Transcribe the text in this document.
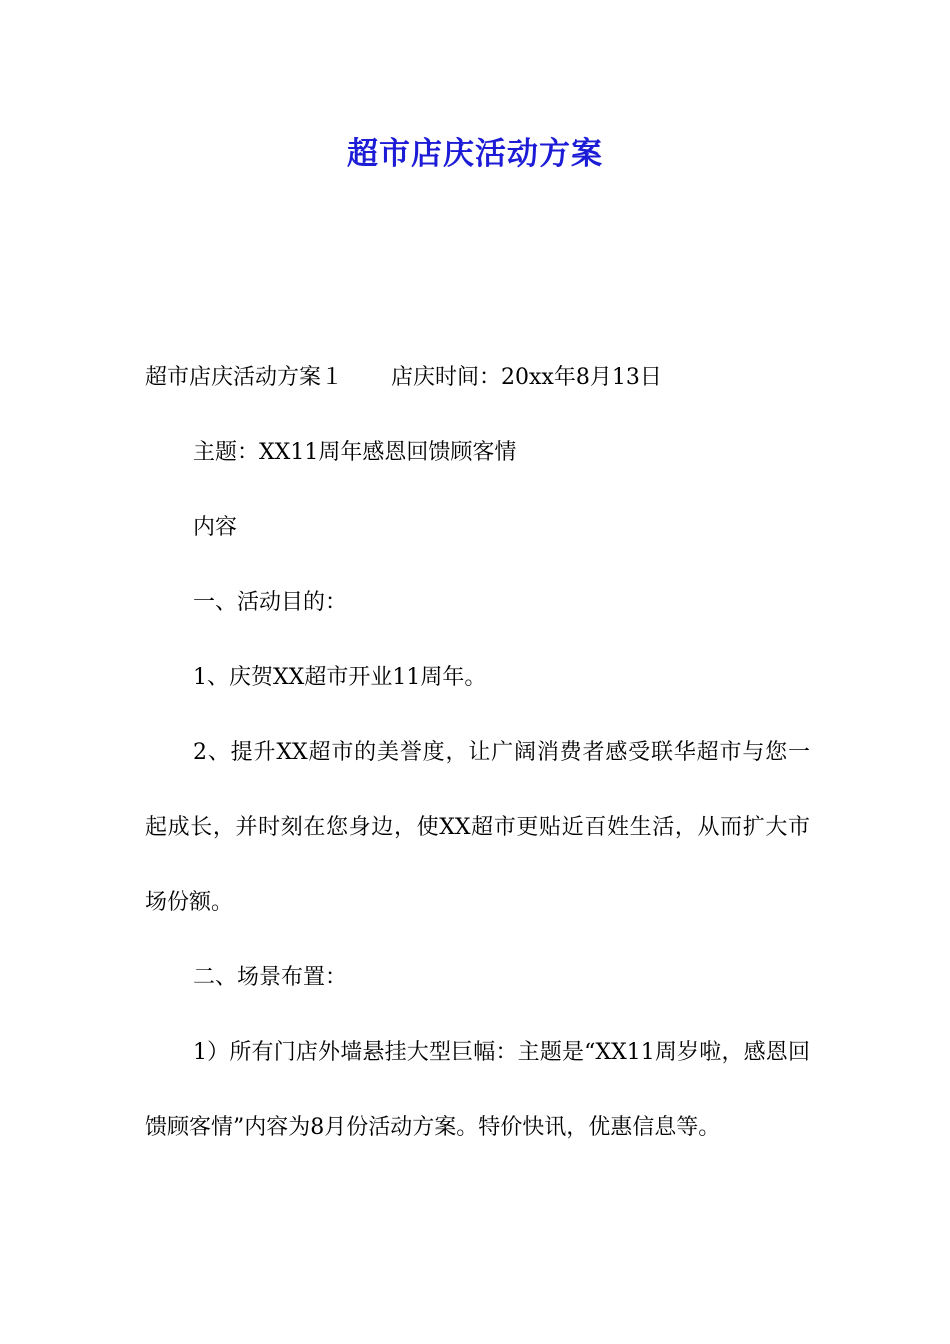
超市店庆活动方案

超市店庆活动方案１ 店庆时间：20xx年8月13日

主题：XX11周年感恩回馈顾客情

内容

一、活动目的：

1、庆贺XX超市开业11周年。

2、提升XX超市的美誉度，让广阔消费者感受联华超市与您一起成长，并时刻在您身边，使XX超市更贴近百姓生活，从而扩大市场份额。

二、场景布置：

1）所有门店外墙悬挂大型巨幅：主题是“XX11周岁啦，感恩回馈顾客情”内容为8月份活动方案。特价快讯，优惠信息等。
